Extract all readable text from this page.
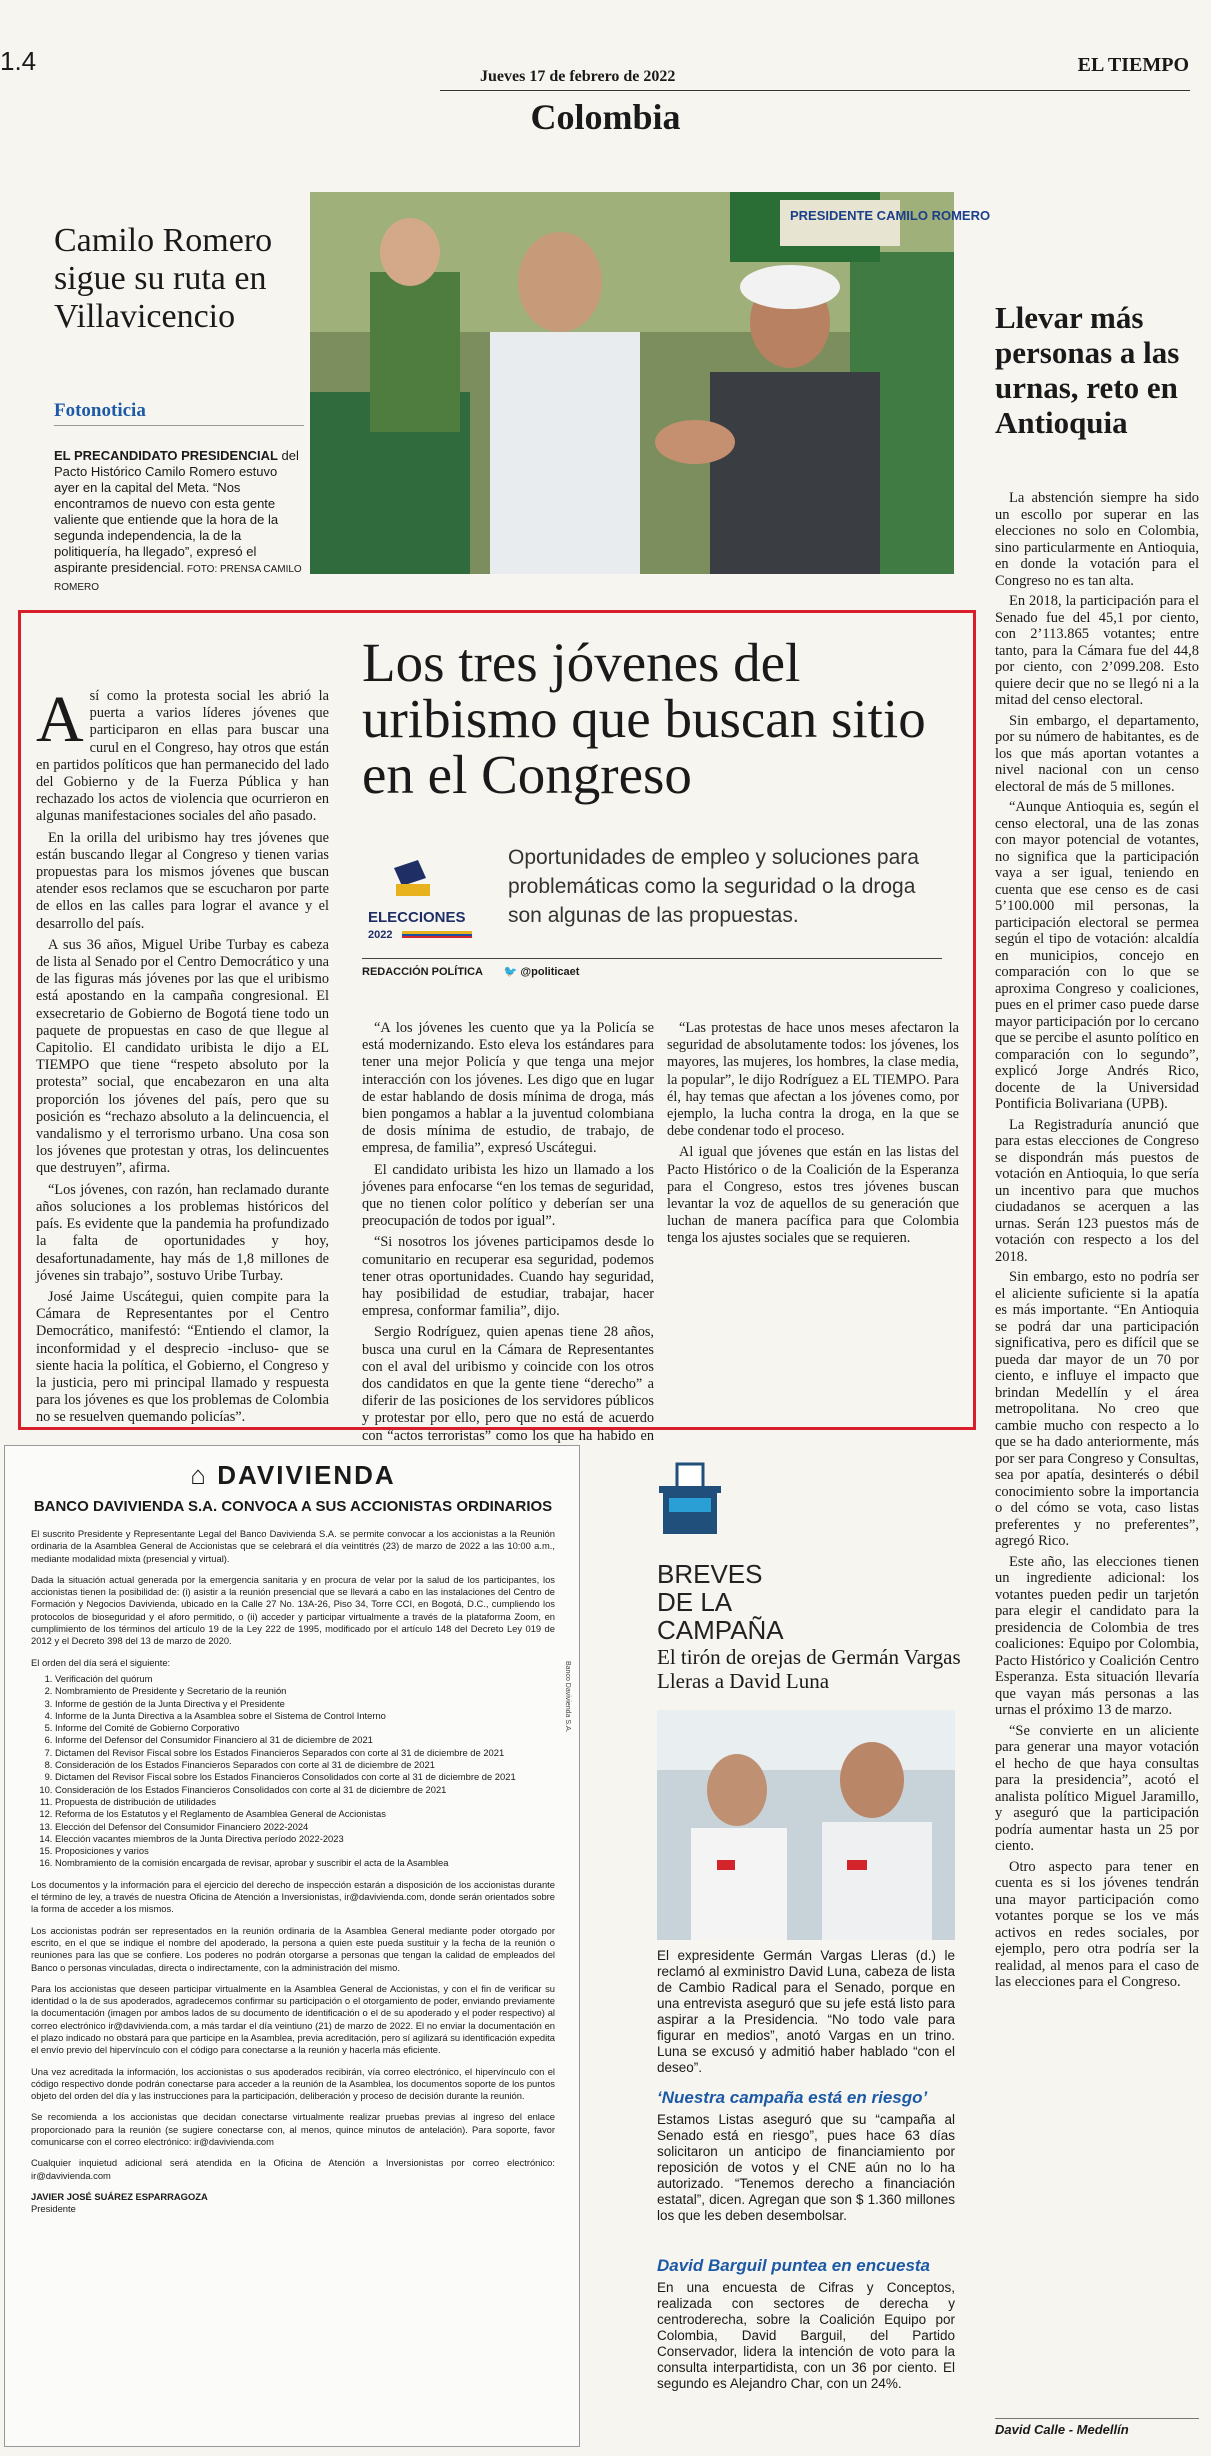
1.4
Jueves 17 de febrero de 2022
EL TIEMPO
Colombia
Camilo Romero sigue su ruta en Villavicencio
Fotonoticia
EL PRECANDIDATO PRESIDENCIAL del Pacto Histórico Camilo Romero estuvo ayer en la capital del Meta. “Nos encontramos de nuevo con esta gente valiente que entiende que la hora de la segunda independencia, la de la politiquería, ha llegado”, expresó el aspirante presidencial. FOTO: PRENSA CAMILO ROMERO
PRESIDENTE CAMILO ROMERO
Llevar más personas a las urnas, reto en Antioquia

La abstención siempre ha sido un escollo por superar en las elecciones no solo en Colombia, sino particularmente en Antioquia, en donde la votación para el Congreso no es tan alta.

En 2018, la participación para el Senado fue del 45,1 por ciento, con 2’113.865 votantes; entre tanto, para la Cámara fue del 44,8 por ciento, con 2’099.208. Esto quiere decir que no se llegó ni a la mitad del censo electoral.

Sin embargo, el departamento, por su número de habitantes, es de los que más aportan votantes a nivel nacional con un censo electoral de más de 5 millones.

“Aunque Antioquia es, según el censo electoral, una de las zonas con mayor potencial de votantes, no significa que la participación vaya a ser igual, teniendo en cuenta que ese censo es de casi 5’100.000 mil personas, la participación electoral se permea según el tipo de votación: alcaldía en municipios, concejo en comparación con lo que se aproxima Congreso y coaliciones, pues en el primer caso puede darse mayor participación por lo cercano que se percibe el asunto político en comparación con lo segundo”, explicó Jorge Andrés Rico, docente de la Universidad Pontificia Bolivariana (UPB).

La Registraduría anunció que para estas elecciones de Congreso se dispondrán más puestos de votación en Antioquia, lo que sería un incentivo para que muchos ciudadanos se acerquen a las urnas. Serán 123 puestos más de votación con respecto a los del 2018.

Sin embargo, esto no podría ser el aliciente suficiente si la apatía es más importante. “En Antioquia se podrá dar una participación significativa, pero es difícil que se pueda dar mayor de un 70 por ciento, e influye el impacto que brindan Medellín y el área metropolitana. No creo que cambie mucho con respecto a lo que se ha dado anteriormente, más por ser para Congreso y Consultas, sea por apatía, desinterés o débil conocimiento sobre la importancia o del cómo se vota, caso listas preferentes y no preferentes”, agregó Rico.

Este año, las elecciones tienen un ingrediente adicional: los votantes pueden pedir un tarjetón para elegir el candidato para la presidencia de Colombia de tres coaliciones: Equipo por Colombia, Pacto Histórico y Coalición Centro Esperanza. Esta situación llevaría que vayan más personas a las urnas el próximo 13 de marzo.

“Se convierte en un aliciente para generar una mayor votación el hecho de que haya consultas para la presidencia”, acotó el analista político Miguel Jaramillo, y aseguró que la participación podría aumentar hasta un 25 por ciento.

Otro aspecto para tener en cuenta es si los jóvenes tendrán una mayor participación como votantes porque se los ve más activos en redes sociales, por ejemplo, pero otra podría ser la realidad, al menos para el caso de las elecciones para el Congreso.

David Calle - Medellín
Los tres jóvenes del uribismo que buscan sitio en el Congreso
ELECCIONES
2022
Oportunidades de empleo y soluciones para problemáticas como la seguridad o la droga son algunas de las propuestas.
REDACCIÓN POLÍTICA 🐦 @politicaet
A sí como la protesta social les abrió la puerta a varios líderes jóvenes que participaron en ellas para buscar una curul en el Congreso, hay otros que están en partidos políticos que han permanecido del lado del Gobierno y de la Fuerza Pública y han rechazado los actos de violencia que ocurrieron en algunas manifestaciones sociales del año pasado.

En la orilla del uribismo hay tres jóvenes que están buscando llegar al Congreso y tienen varias propuestas para los mismos jóvenes que buscan atender esos reclamos que se escucharon por parte de ellos en las calles para lograr el avance y el desarrollo del país.

A sus 36 años, Miguel Uribe Turbay es cabeza de lista al Senado por el Centro Democrático y una de las figuras más jóvenes por las que el uribismo está apostando en la campaña congresional. El exsecretario de Gobierno de Bogotá tiene todo un paquete de propuestas en caso de que llegue al Capitolio. El candidato uribista le dijo a EL TIEMPO que tiene “respeto absoluto por la protesta” social, que encabezaron en una alta proporción los jóvenes del país, pero que su posición es “rechazo absoluto a la delincuencia, el vandalismo y el terrorismo urbano. Una cosa son los jóvenes que protestan y otras, los delincuentes que destruyen”, afirma.

“Los jóvenes, con razón, han reclamado durante años soluciones a los problemas históricos del país. Es evidente que la pandemia ha profundizado la falta de oportunidades y hoy, desafortunadamente, hay más de 1,8 millones de jóvenes sin trabajo”, sostuvo Uribe Turbay.

José Jaime Uscátegui, quien compite para la Cámara de Representantes por el Centro Democrático, manifestó: “Entiendo el clamor, la inconformidad y el desprecio -incluso- que se siente hacia la política, el Gobierno, el Congreso y la justicia, pero mi principal llamado y respuesta para los jóvenes es que los problemas de Colombia no se resuelven quemando policías”.

“A los jóvenes les cuento que ya la Policía se está modernizando. Esto eleva los estándares para tener una mejor Policía y que tenga una mejor interacción con los jóvenes. Les digo que en lugar de estar hablando de dosis mínima de droga, más bien pongamos a hablar a la juventud colombiana de dosis mínima de estudio, de trabajo, de empresa, de familia”, expresó Uscátegui.

El candidato uribista les hizo un llamado a los jóvenes para enfocarse “en los temas de seguridad, que no tienen color político y deberían ser una preocupación de todos por igual”.

“Si nosotros los jóvenes participamos desde lo comunitario en recuperar esa seguridad, podemos tener otras oportunidades. Cuando hay seguridad, hay posibilidad de estudiar, trabajar, hacer empresa, conformar familia”, dijo.

Sergio Rodríguez, quien apenas tiene 28 años, busca una curul en la Cámara de Representantes con el aval del uribismo y coincide con los otros dos candidatos en que la gente tiene “derecho” a diferir de las posiciones de los servidores públicos y protestar por ello, pero que no está de acuerdo con “actos terroristas” como los que ha habido en

“Las protestas de hace unos meses afectaron la seguridad de absolutamente todos: los jóvenes, los mayores, las mujeres, los hombres, la clase media, la popular”, le dijo Rodríguez a EL TIEMPO. Para él, hay temas que afectan a los jóvenes como, por ejemplo, la lucha contra la droga, en la que se debe condenar todo el proceso.

Al igual que jóvenes que están en las listas del Pacto Histórico o de la Coalición de la Esperanza para el Congreso, estos tres jóvenes buscan levantar la voz de aquellos de su generación que luchan de manera pacífica para que Colombia tenga los ajustes sociales que se requieren.

⌂ DAVIVIENDA
BANCO DAVIVIENDA S.A. CONVOCA A SUS ACCIONISTAS ORDINARIOS
Banco Davivienda S.A.

El suscrito Presidente y Representante Legal del Banco Davivienda S.A. se permite convocar a los accionistas a la Reunión ordinaria de la Asamblea General de Accionistas que se celebrará el día veintitrés (23) de marzo de 2022 a las 10:00 a.m., mediante modalidad mixta (presencial y virtual).

Dada la situación actual generada por la emergencia sanitaria y en procura de velar por la salud de los participantes, los accionistas tienen la posibilidad de: (i) asistir a la reunión presencial que se llevará a cabo en las instalaciones del Centro de Formación y Negocios Davivienda, ubicado en la Calle 27 No. 13A-26, Piso 34, Torre CCI, en Bogotá, D.C., cumpliendo los protocolos de bioseguridad y el aforo permitido, o (ii) acceder y participar virtualmente a través de la plataforma Zoom, en cumplimiento de los términos del artículo 19 de la Ley 222 de 1995, modificado por el artículo 148 del Decreto Ley 019 de 2012 y el Decreto 398 del 13 de marzo de 2020.

El orden del día será el siguiente:

1. Verificación del quórum
2. Nombramiento de Presidente y Secretario de la reunión
3. Informe de gestión de la Junta Directiva y el Presidente
4. Informe de la Junta Directiva a la Asamblea sobre el Sistema de Control Interno
5. Informe del Comité de Gobierno Corporativo
6. Informe del Defensor del Consumidor Financiero al 31 de diciembre de 2021
7. Dictamen del Revisor Fiscal sobre los Estados Financieros Separados con corte al 31 de diciembre de 2021
8. Consideración de los Estados Financieros Separados con corte al 31 de diciembre de 2021
9. Dictamen del Revisor Fiscal sobre los Estados Financieros Consolidados con corte al 31 de diciembre de 2021
10. Consideración de los Estados Financieros Consolidados con corte al 31 de diciembre de 2021
11. Propuesta de distribución de utilidades
12. Reforma de los Estatutos y el Reglamento de Asamblea General de Accionistas
13. Elección del Defensor del Consumidor Financiero 2022-2024
14. Elección vacantes miembros de la Junta Directiva período 2022-2023
15. Proposiciones y varios
16. Nombramiento de la comisión encargada de revisar, aprobar y suscribir el acta de la Asamblea

Los documentos y la información para el ejercicio del derecho de inspección estarán a disposición de los accionistas durante el término de ley, a través de nuestra Oficina de Atención a Inversionistas, ir@davivienda.com, donde serán orientados sobre la forma de acceder a los mismos.

Los accionistas podrán ser representados en la reunión ordinaria de la Asamblea General mediante poder otorgado por escrito, en el que se indique el nombre del apoderado, la persona a quien este pueda sustituir y la fecha de la reunión o reuniones para las que se confiere. Los poderes no podrán otorgarse a personas que tengan la calidad de empleados del Banco o personas vinculadas, directa o indirectamente, con la administración del mismo.

Para los accionistas que deseen participar virtualmente en la Asamblea General de Accionistas, y con el fin de verificar su identidad o la de sus apoderados, agradecemos confirmar su participación o el otorgamiento de poder, enviando previamente la documentación (imagen por ambos lados de su documento de identificación o el de su apoderado y el poder respectivo) al correo electrónico ir@davivienda.com, a más tardar el día veintiuno (21) de marzo de 2022. El no enviar la documentación en el plazo indicado no obstará para que participe en la Asamblea, previa acreditación, pero sí agilizará su identificación expedita el envío previo del hipervínculo con el código para conectarse a la reunión y hacerla más eficiente.

Una vez acreditada la información, los accionistas o sus apoderados recibirán, vía correo electrónico, el hipervínculo con el código respectivo donde podrán conectarse para acceder a la reunión de la Asamblea, los documentos soporte de los puntos objeto del orden del día y las instrucciones para la participación, deliberación y proceso de decisión durante la reunión.

Se recomienda a los accionistas que decidan conectarse virtualmente realizar pruebas previas al ingreso del enlace proporcionado para la reunión (se sugiere conectarse con, al menos, quince minutos de antelación). Para soporte, favor comunicarse con el correo electrónico: ir@davivienda.com

Cualquier inquietud adicional será atendida en la Oficina de Atención a Inversionistas por correo electrónico: ir@davivienda.com

JAVIER JOSÉ SUÁREZ ESPARRAGOZA

Presidente

BREVES DE LA CAMPAÑA
El tirón de orejas de Germán Vargas Lleras a David Luna
El expresidente Germán Vargas Lleras (d.) le reclamó al exministro David Luna, cabeza de lista de Cambio Radical para el Senado, porque en una entrevista aseguró que su jefe está listo para aspirar a la Presidencia. “No todo vale para figurar en medios”, anotó Vargas en un trino. Luna se excusó y admitió haber hablado “con el deseo”.
‘Nuestra campaña está en riesgo’
Estamos Listas aseguró que su “campaña al Senado está en riesgo”, pues hace 63 días solicitaron un anticipo de financiamiento por reposición de votos y el CNE aún no lo ha autorizado. “Tenemos derecho a financiación estatal”, dicen. Agregan que son $ 1.360 millones los que les deben desembolsar.
David Barguil puntea en encuesta
En una encuesta de Cifras y Conceptos, realizada con sectores de derecha y centroderecha, sobre la Coalición Equipo por Colombia, David Barguil, del Partido Conservador, lidera la intención de voto para la consulta interpartidista, con un 36 por ciento. El segundo es Alejandro Char, con un 24%.
